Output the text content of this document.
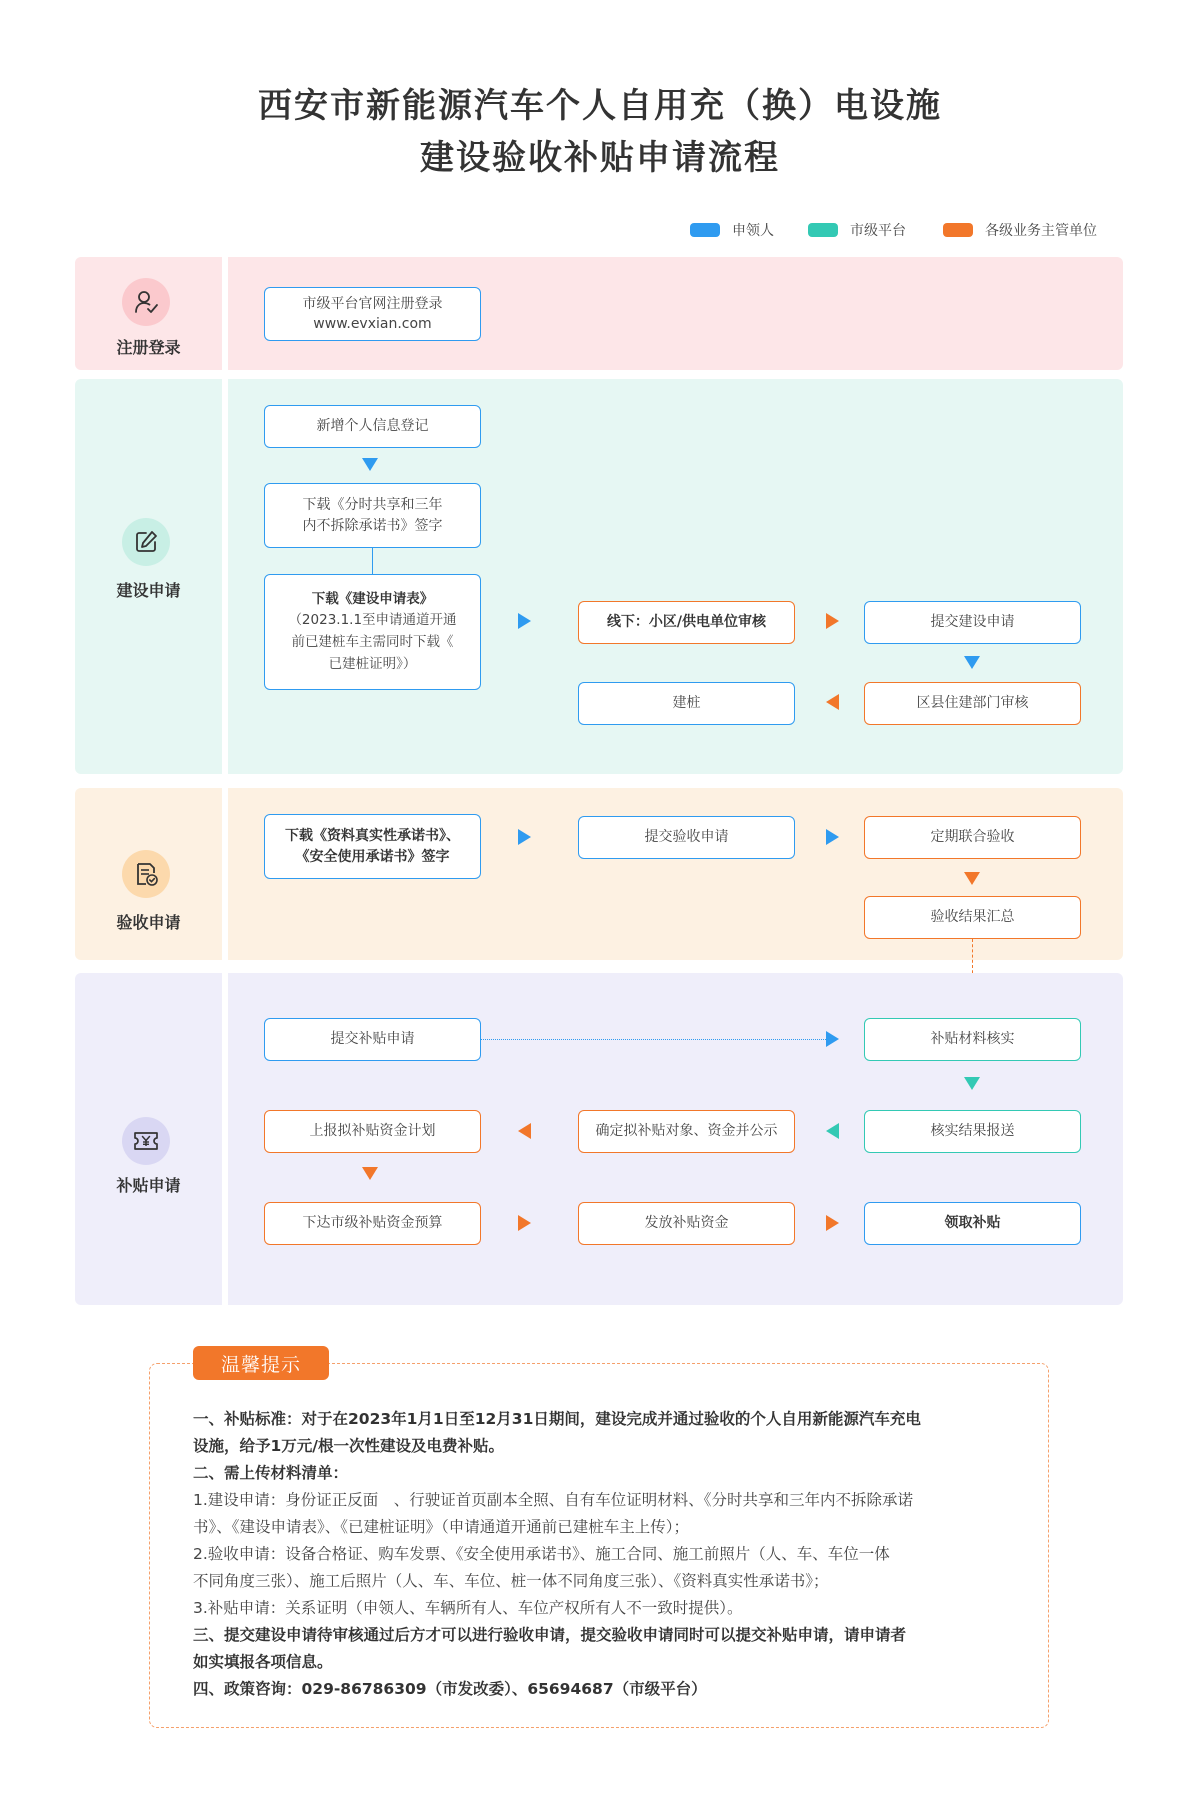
西安市新能源汽车个人自用充（换）电设施
建设验收补贴申请流程
申领人	市级平台	各级业务主管单位
注册登录
市级平台官网注册登录
www.evxian.com
建设申请
新增个人信息登记
下载《分时共享和三年
内不拆除承诺书》签字
下载《建设申请表》
（2023.1.1至申请通道开通
前已建桩车主需同时下载《
已建桩证明》）
线下：小区/供电单位审核	提交建设申请
区县住建部门审核
建桩
验收申请
下载《资料真实性承诺书》、
《安全使用承诺书》签字
提交验收申请	定期联合验收
验收结果汇总
补贴申请
提交补贴申请	补贴材料核实
核实结果报送
确定拟补贴对象、资金并公示
上报拟补贴资金计划
下达市级补贴资金预算	发放补贴资金	领取补贴
温馨提示
一、补贴标准：对于在2023年1月1日至12月31日期间，建设完成并通过验收的个人自用新能源汽车充电
设施，给予1万元/根一次性建设及电费补贴。
二、需上传材料清单：
1.建设申请：身份证正反面　、行驶证首页副本全照、自有车位证明材料、《分时共享和三年内不拆除承诺
书》、《建设申请表》、《已建桩证明》（申请通道开通前已建桩车主上传）；
2.验收申请：设备合格证、购车发票、《安全使用承诺书》、施工合同、施工前照片（人、车、车位一体
不同角度三张）、施工后照片（人、车、车位、桩一体不同角度三张）、《资料真实性承诺书》；
3.补贴申请：关系证明（申领人、车辆所有人、车位产权所有人不一致时提供）。
三、提交建设申请待审核通过后方才可以进行验收申请，提交验收申请同时可以提交补贴申请，请申请者
如实填报各项信息。
四、政策咨询：029-86786309（市发改委）、65694687（市级平台）
